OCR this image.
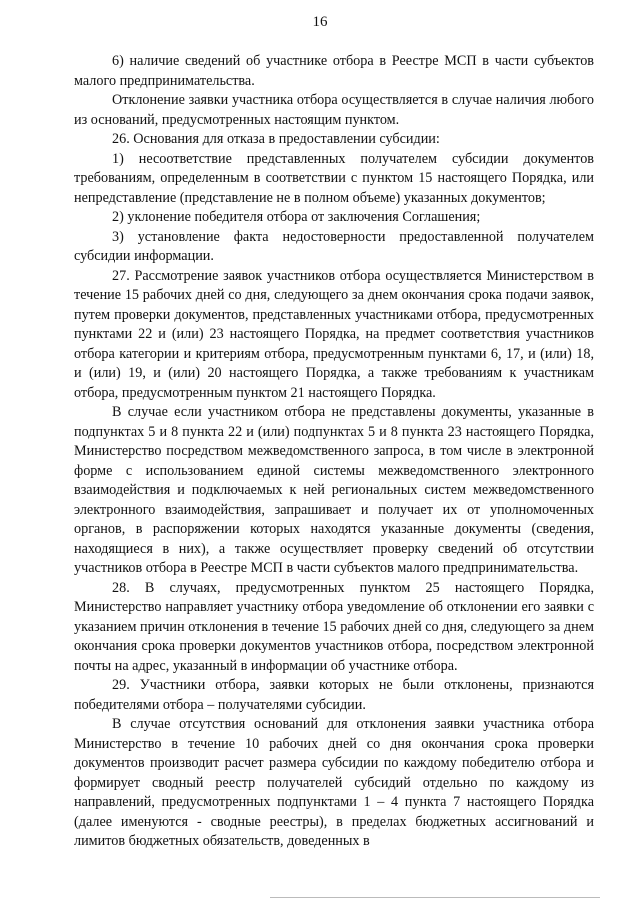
16

6) наличие сведений об участнике отбора в Реестре МСП в части субъектов малого предпринимательства.

Отклонение заявки участника отбора осуществляется в случае наличия любого из оснований, предусмотренных настоящим пунктом.

26. Основания для отказа в предоставлении субсидии:

1) несоответствие представленных получателем субсидии документов требованиям, определенным в соответствии с пунктом 15 настоящего Порядка, или непредставление (представление не в полном объеме) указанных документов;

2) уклонение победителя отбора от заключения Соглашения;

3) установление факта недостоверности предоставленной получателем субсидии информации.

27. Рассмотрение заявок участников отбора осуществляется Министерством в течение 15 рабочих дней со дня, следующего за днем окончания срока подачи заявок, путем проверки документов, представленных участниками отбора, предусмотренных пунктами 22 и (или) 23 настоящего Порядка, на предмет соответствия участников отбора категории и критериям отбора, предусмотренным пунктами 6, 17, и (или) 18, и (или) 19, и (или) 20 настоящего Порядка, а также требованиям к участникам отбора, предусмотренным пунктом 21 настоящего Порядка.

В случае если участником отбора не представлены документы, указанные в подпунктах 5 и 8 пункта 22 и (или) подпунктах 5 и 8 пункта 23 настоящего Порядка, Министерство посредством межведомственного запроса, в том числе в электронной форме с использованием единой системы межведомственного электронного взаимодействия и подключаемых к ней региональных систем межведомственного электронного взаимодействия, запрашивает и получает их от уполномоченных органов, в распоряжении которых находятся указанные документы (сведения, находящиеся в них), а также осуществляет проверку сведений об отсутствии участников отбора в Реестре МСП в части субъектов малого предпринимательства.

28. В случаях, предусмотренных пунктом 25 настоящего Порядка, Министерство направляет участнику отбора уведомление об отклонении его заявки с указанием причин отклонения в течение 15 рабочих дней со дня, следующего за днем окончания срока проверки документов участников отбора, посредством электронной почты на адрес, указанный в информации об участнике отбора.

29. Участники отбора, заявки которых не были отклонены, признаются победителями отбора – получателями субсидии.

В случае отсутствия оснований для отклонения заявки участника отбора Министерство в течение 10 рабочих дней со дня окончания срока проверки документов производит расчет размера субсидии по каждому победителю отбора и формирует сводный реестр получателей субсидий отдельно по каждому из направлений, предусмотренных подпунктами 1 – 4 пункта 7 настоящего Порядка (далее именуются - сводные реестры), в пределах бюджетных ассигнований и лимитов бюджетных обязательств, доведенных в
